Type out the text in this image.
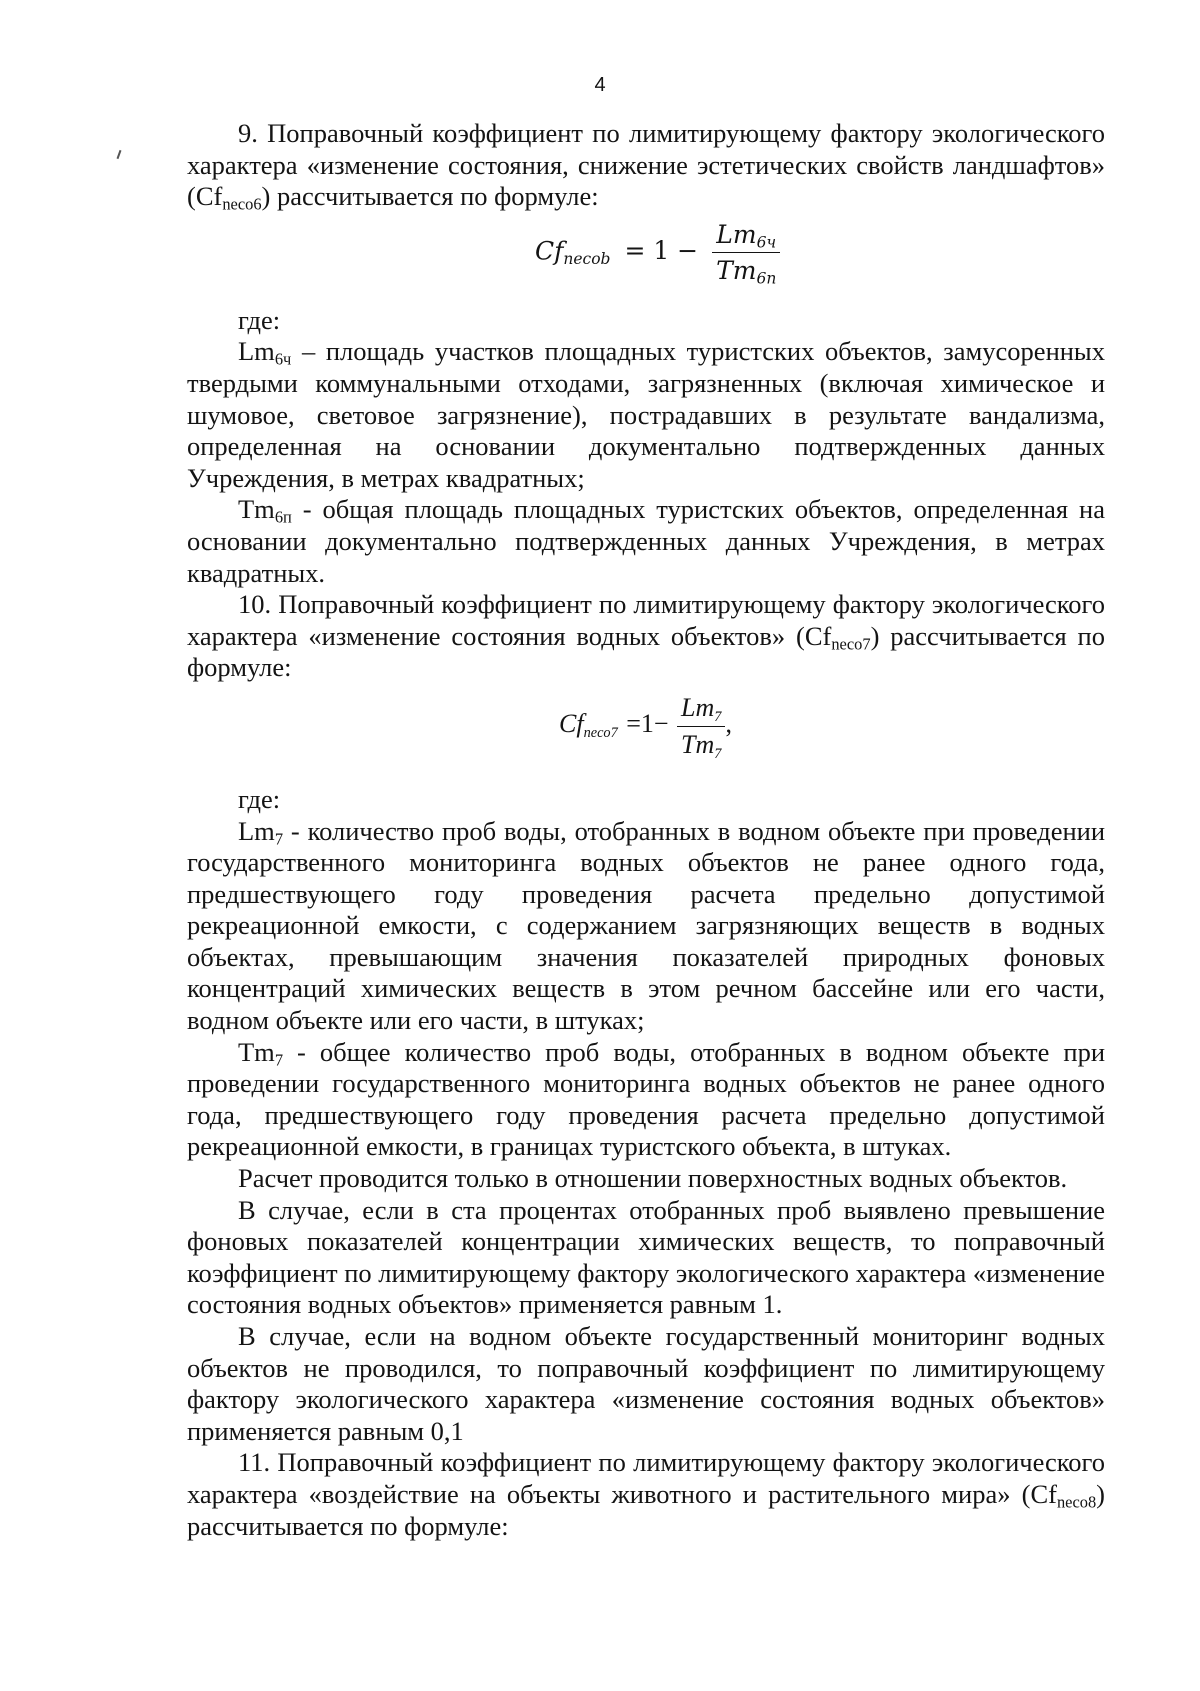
4

9. Поправочный коэффициент по лимитирующему фактору экологического характера «изменение состояния, снижение эстетических свойств ландшафтов» $(Cf_{neco6})$ рассчитывается по формуле:

$Cf_{necob} = 1 - \frac{Lm_{6ч}}{Tm_{6п}}$

где:

$Lm_{6ч}$ – площадь участков площадных туристских объектов, замусоренных твердыми коммунальными отходами, загрязненных (включая химическое и шумовое, световое загрязнение), пострадавших в результате вандализма, определенная на основании документально подтвержденных данных Учреждения, в метрах квадратных;

$Tm_{6п}$ - общая площадь площадных туристских объектов, определенная на основании документально подтвержденных данных Учреждения, в метрах квадратных.

10. Поправочный коэффициент по лимитирующему фактору экологического характера «изменение состояния водных объектов» $(Cf_{neco7})$ рассчитывается по формуле:

Cfneco7 $=1- \frac{Lm7}{Tm7}$ ,

где:

$Lm_7$ - количество проб воды, отобранных в водном объекте при проведении государственного мониторинга водных объектов не ранее одного года, предшествующего году проведения расчета предельно допустимой рекреационной емкости, с содержанием загрязняющих веществ в водных объектах, превышающим значения показателей природных фоновых концентраций химических веществ в этом речном бассейне или его части, водном объекте или его части, в штуках;

$Tm_7$ - общее количество проб воды, отобранных в водном объекте при проведении государственного мониторинга водных объектов не ранее одного года, предшествующего году проведения расчета предельно допустимой рекреационной емкости, в границах туристского объекта, в штуках.

Расчет проводится только в отношении поверхностных водных объектов.

В случае, если в ста процентах отобранных проб выявлено превышение фоновых показателей концентрации химических веществ, то поправочный коэффициент по лимитирующему фактору экологического характера «изменение состояния водных объектов» применяется равным 1.

В случае, если на водном объекте государственный мониторинг водных объектов не проводился, то поправочный коэффициент по лимитирующему фактору экологического характера «изменение состояния водных объектов» применяется равным 0,1

11. Поправочный коэффициент по лимитирующему фактору экологического характера «воздействие на объекты животного и растительного мира» $(Cf_{neco8})$ рассчитывается по формуле:
